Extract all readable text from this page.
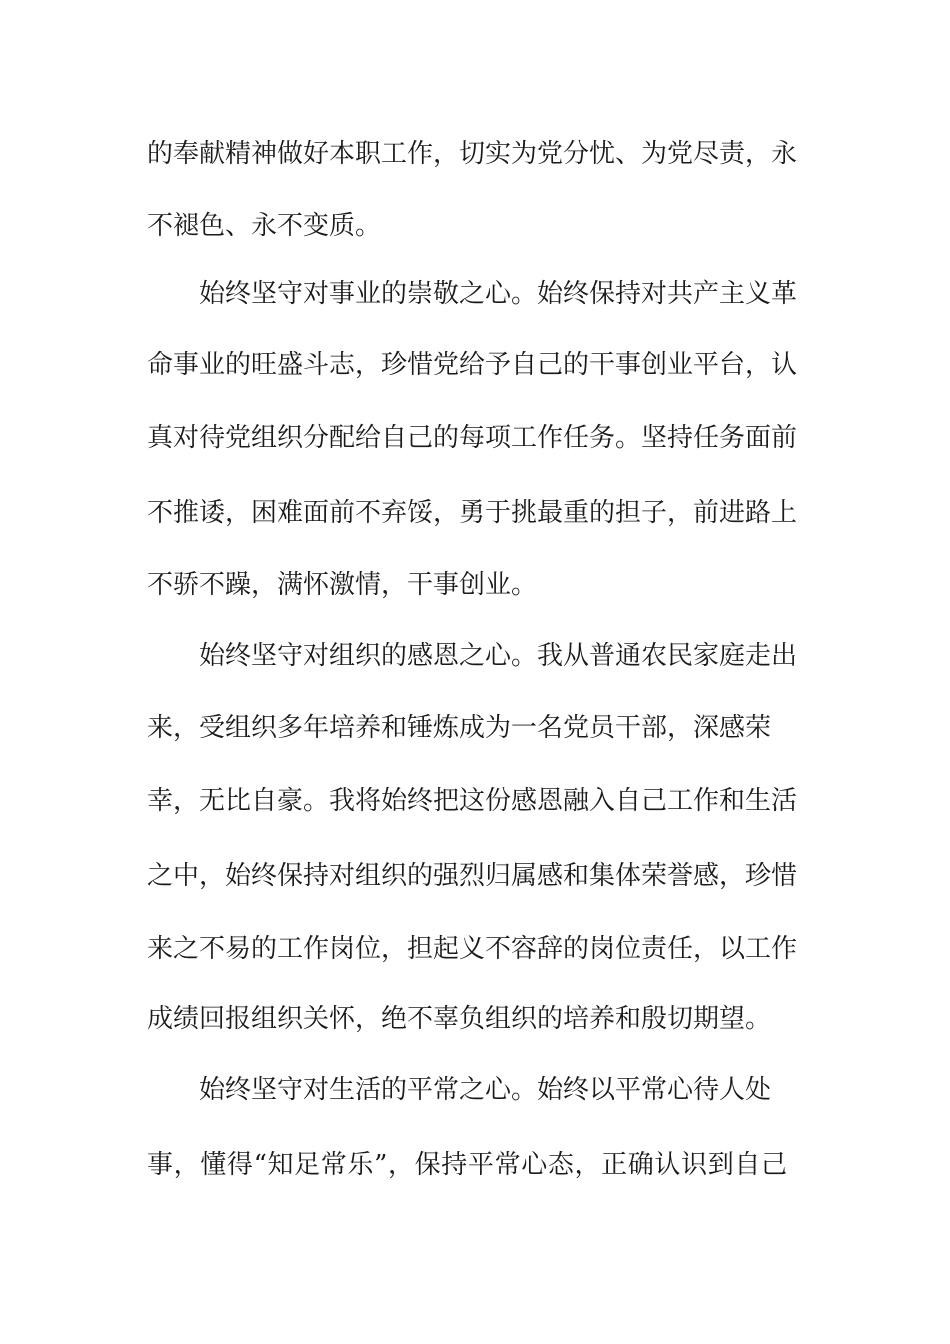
的奉献精神做好本职工作，切实为党分忧、为党尽责，永
不褪色、永不变质。
始终坚守对事业的崇敬之心。始终保持对共产主义革
命事业的旺盛斗志，珍惜党给予自己的干事创业平台，认
真对待党组织分配给自己的每项工作任务。坚持任务面前
不推诿，困难面前不弃馁，勇于挑最重的担子，前进路上
不骄不躁，满怀激情，干事创业。
始终坚守对组织的感恩之心。我从普通农民家庭走出
来，受组织多年培养和锤炼成为一名党员干部，深感荣
幸，无比自豪。我将始终把这份感恩融入自己工作和生活
之中，始终保持对组织的强烈归属感和集体荣誉感，珍惜
来之不易的工作岗位，担起义不容辞的岗位责任，以工作
成绩回报组织关怀，绝不辜负组织的培养和殷切期望。
始终坚守对生活的平常之心。始终以平常心待人处
事，懂得“知足常乐”，保持平常心态，正确认识到自己
